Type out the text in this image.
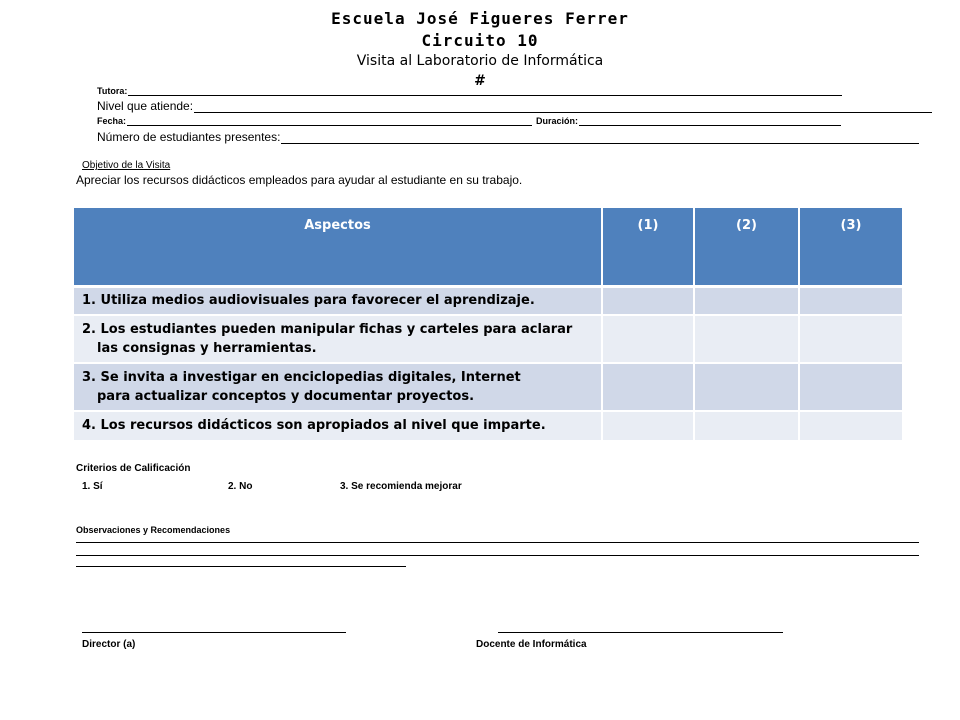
Escuela José Figueres Ferrer
Circuito 10
Visita al Laboratorio de Informática
#
Tutora:
Nivel que atiende:
Fecha:	Duración:
Número de estudiantes presentes:
Objetivo de la Visita
Apreciar los recursos didácticos empleados para ayudar al estudiante en su trabajo.
Aspectos	(1)	(2)	(3)
1. Utiliza medios audiovisuales para favorecer el aprendizaje.			
2. Los estudiantes pueden manipular fichas y carteles para aclarar
las consignas y herramientas.			
3. Se invita a investigar en enciclopedias digitales, Internet
para actualizar conceptos y documentar proyectos.			
4. Los recursos didácticos son apropiados al nivel que imparte.			
Criterios de Calificación
1. Sí	2. No	3. Se recomienda mejorar
Observaciones y Recomendaciones
Director (a)	Docente de Informática
